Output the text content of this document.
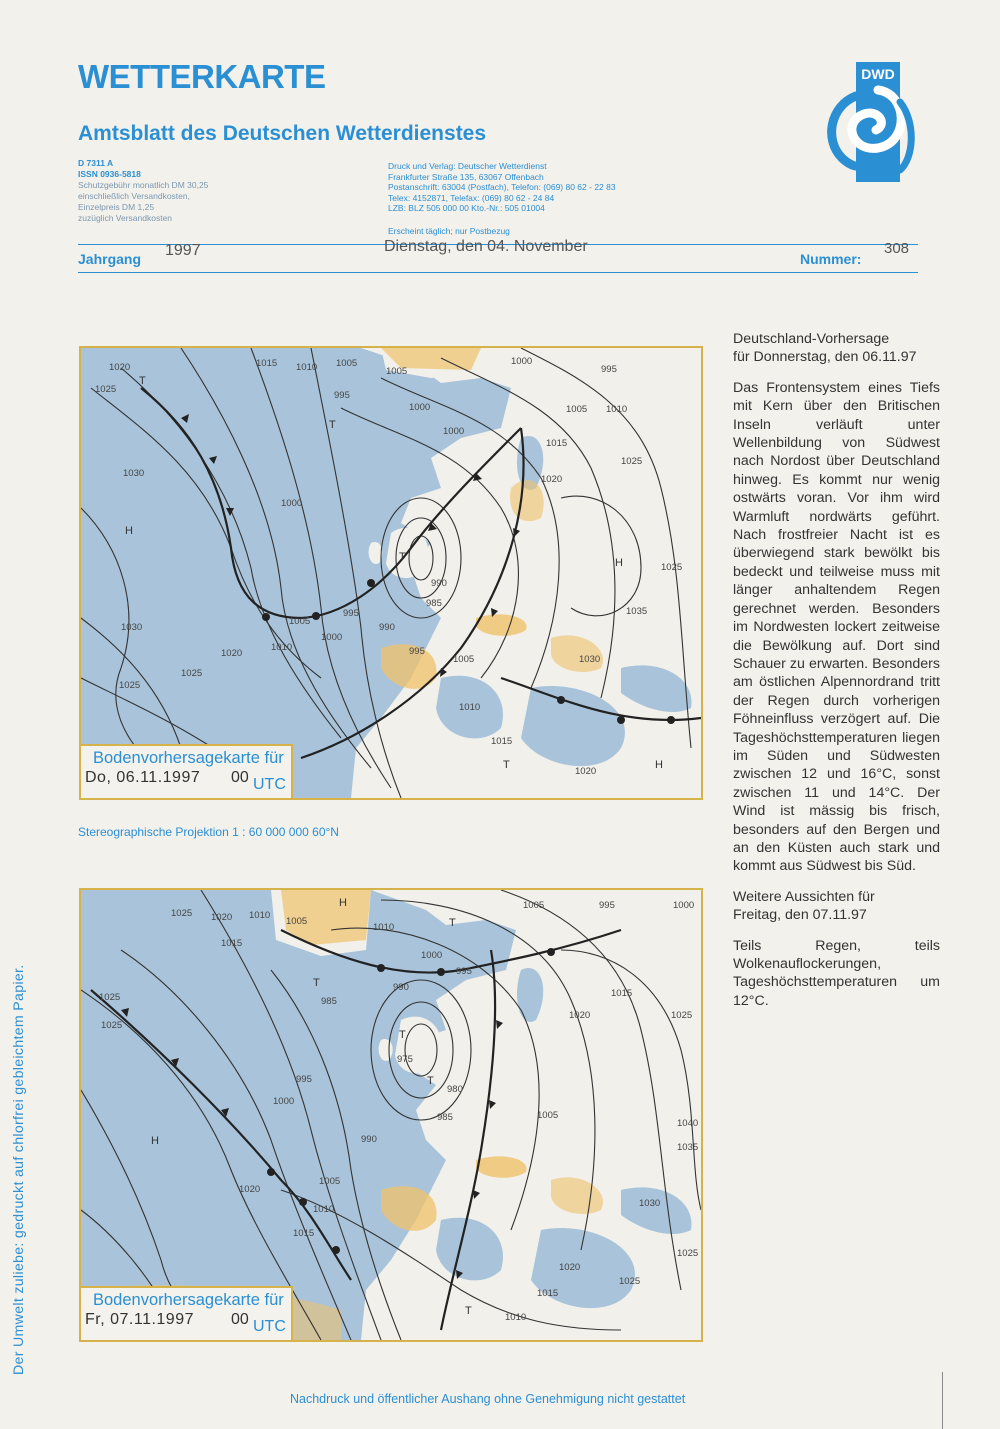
WETTERKARTE
Amtsblatt des Deutschen Wetterdienstes
D 7311 A
ISSN 0936-5818
Schutzgebühr monatlich DM 30,25
einschließlich Versandkosten,
Einzelpreis DM 1,25
zuzüglich Versandkosten
Druck und Verlag: Deutscher Wetterdienst
Frankfurter Straße 135, 63067 Offenbach
Postanschrift: 63004 (Postfach), Telefon: (069) 80 62 - 22 83
Telex: 4152871, Telefax: (069) 80 62 - 24 84
LZB: BLZ 505 000 00 Kto.-Nr.: 505 01004
Erscheint täglich; nur Postbezug
Jahrgang 1997	Dienstag, den 04. November
Nummer:
308
DWD
1015 1010 1005
1005
1000
995
1020
1025
995
1000
1000
1005 1010
1015
1025
1030
1000
1020
990
985
990
995
1000
1005
1030
1020
1010	995
1005	1030
1035
1025
1025
1025
1010
1015
1020
T
T
T
H
H
H
T
Bodenvorhersagekarte für
Do, 06.11.1997 00 UTC
Stereographische Projektion 1 : 60 000 000 60°N
1025 1020 1010
1005
1015
1010
1000
995
1005	995	1000
1025
1025
985
990
975
980
985
990
995
1000
1005
1010
1015
1020
1015
1020	1025
1040
1035
1030
1025
1020
1025
1015
1010
1005
H
T
T
T
T
H
T
Bodenvorhersagekarte für
Fr, 07.11.1997 00 UTC

Deutschland-Vorhersage

für Donnerstag, den 06.11.97

Das Frontensystem eines Tiefs mit Kern über den Britischen Inseln verläuft unter Wellenbildung von Südwest nach Nordost über Deutschland hinweg. Es kommt nur wenig ostwärts voran. Vor ihm wird Warmluft nordwärts geführt. Nach frostfreier Nacht ist es überwiegend stark bewölkt bis bedeckt und teilweise muss mit länger anhaltendem Regen gerechnet werden. Besonders im Nordwesten lockert zeitweise die Bewölkung auf. Dort sind Schauer zu erwarten. Besonders am östlichen Alpennordrand tritt der Regen durch vorherigen Föhneinfluss verzögert auf. Die Tageshöchsttemperaturen liegen im Süden und Südwesten zwischen 12 und 16°C, sonst zwischen 11 und 14°C. Der Wind ist mässig bis frisch, besonders auf den Bergen und an den Küsten auch stark und kommt aus Südwest bis Süd.

Weitere Aussichten für

Freitag, den 07.11.97

Teils Regen, teils Wolkenauflockerungen, Tageshöchsttemperaturen um 12°C.

Der Umwelt zuliebe: gedruckt auf chlorfrei gebleichtem Papier.
Nachdruck und öffentlicher Aushang ohne Genehmigung nicht gestattet
